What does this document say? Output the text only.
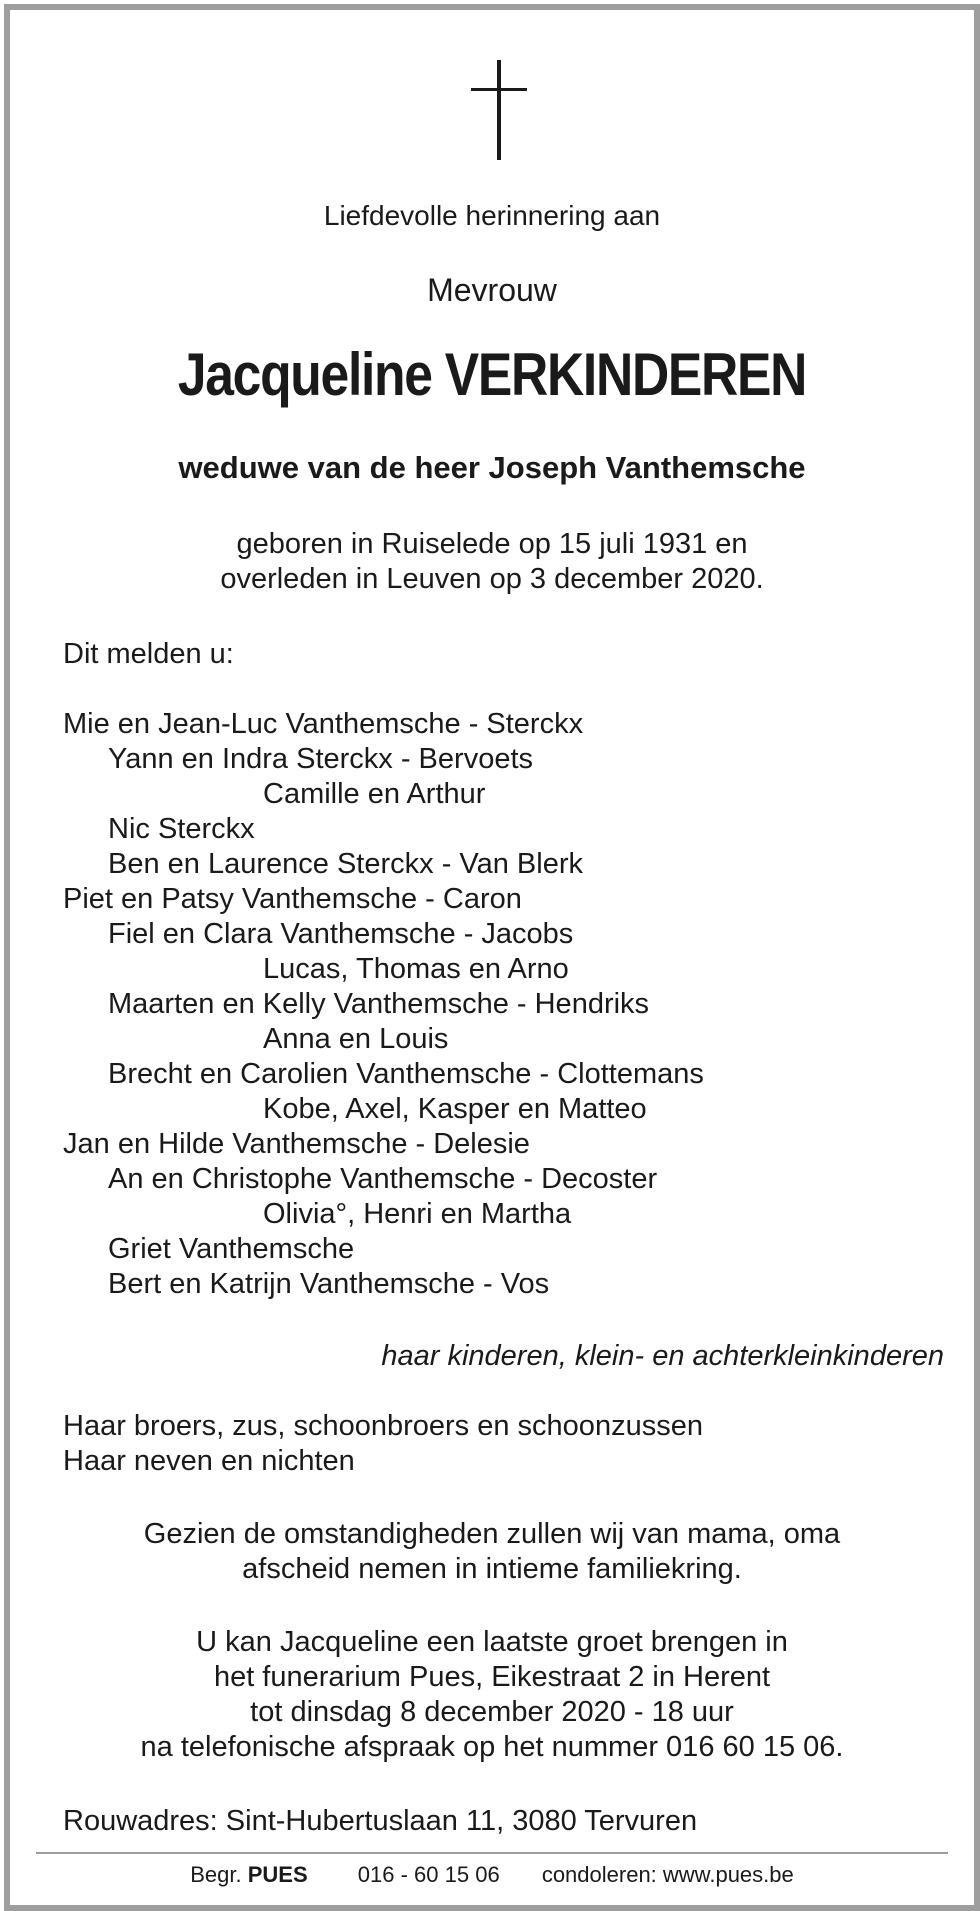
Liefdevolle herinnering aan
Mevrouw
Jacqueline VERKINDEREN
weduwe van de heer Joseph Vanthemsche
geboren in Ruiselede op 15 juli 1931 en
overleden in Leuven op 3 december 2020.
Dit melden u:
Mie en Jean-Luc Vanthemsche - Sterckx
Yann en Indra Sterckx - Bervoets
Camille en Arthur
Nic Sterckx
Ben en Laurence Sterckx - Van Blerk
Piet en Patsy Vanthemsche - Caron
Fiel en Clara Vanthemsche - Jacobs
Lucas, Thomas en Arno
Maarten en Kelly Vanthemsche - Hendriks
Anna en Louis
Brecht en Carolien Vanthemsche - Clottemans
Kobe, Axel, Kasper en Matteo
Jan en Hilde Vanthemsche - Delesie
An en Christophe Vanthemsche - Decoster
Olivia°, Henri en Martha
Griet Vanthemsche
Bert en Katrijn Vanthemsche - Vos
haar kinderen, klein- en achterkleinkinderen
Haar broers, zus, schoonbroers en schoonzussen
Haar neven en nichten
Gezien de omstandigheden zullen wij van mama, oma
afscheid nemen in intieme familiekring.
U kan Jacqueline een laatste groet brengen in
het funerarium Pues, Eikestraat 2 in Herent
tot dinsdag 8 december 2020 - 18 uur
na telefonische afspraak op het nummer 016 60 15 06.
Rouwadres: Sint-Hubertuslaan 11, 3080 Tervuren
Begr. PUES 016 - 60 15 06 condoleren: www.pues.be
